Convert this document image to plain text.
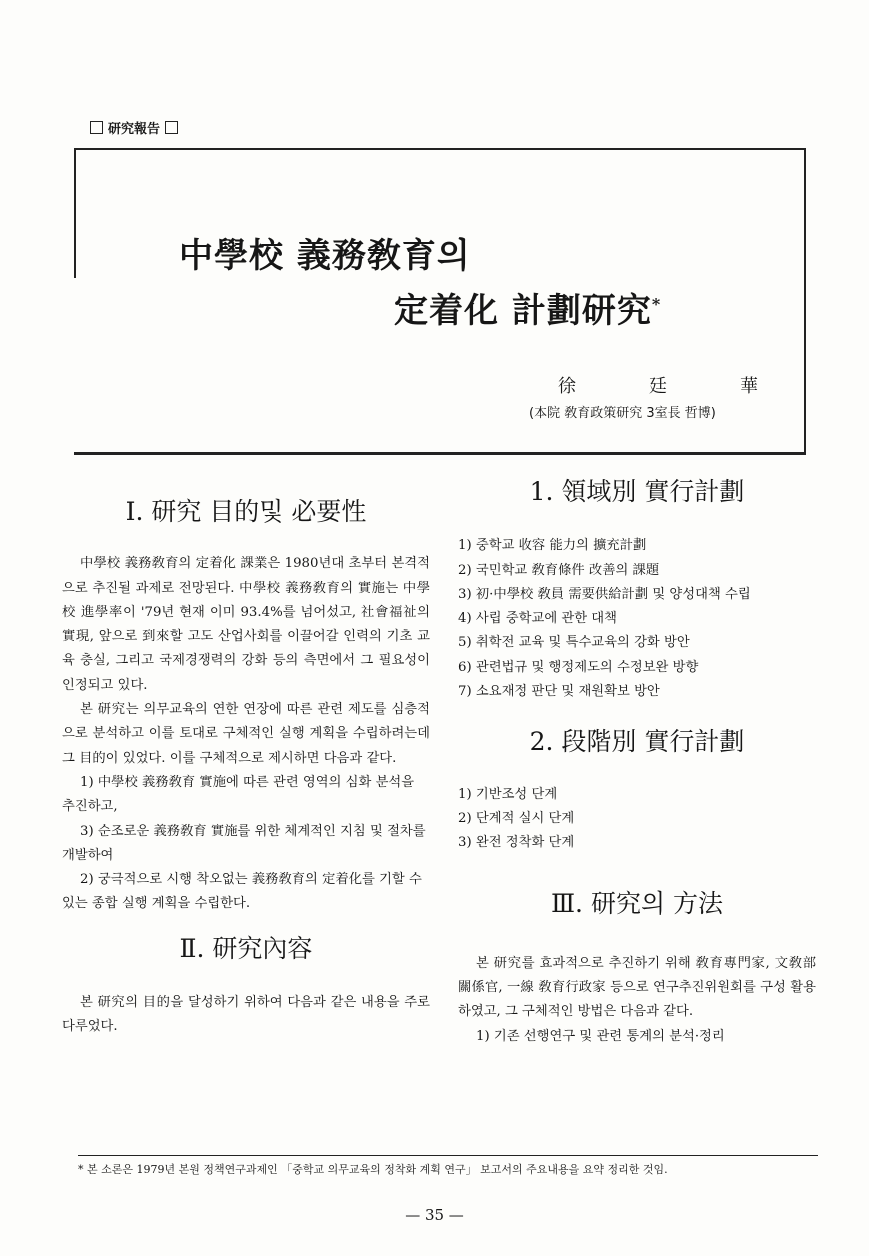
研究報告
中學校 義務敎育의
定着化 計劃研究*
徐	廷	華
(本院 敎育政策研究 3室長 哲博)
Ⅰ. 研究 目的및 必要性

中學校 義務敎育의 定着化 課業은 1980년대 초부터 본격적으로 추진될 과제로 전망된다. 中學校 義務敎育의 實施는 中學校 進學率이 '79년 현재 이미 93.4%를 넘어섰고, 社會福祉의 實現, 앞으로 到來할 고도 산업사회를 이끌어갈 인력의 기초 교육 충실, 그리고 국제경쟁력의 강화 등의 측면에서 그 필요성이 인정되고 있다.

본 研究는 의무교육의 연한 연장에 따른 관련 제도를 심층적으로 분석하고 이를 토대로 구체적인 실행 계획을 수립하려는데 그 目的이 있었다. 이를 구체적으로 제시하면 다음과 같다.

1) 中學校 義務敎育 實施에 따른 관련 영역의 심화 분석을 추진하고,
3) 순조로운 義務敎育 實施를 위한 체계적인 지침 및 절차를 개발하여
2) 궁극적으로 시행 착오없는 義務敎育의 定着化를 기할 수 있는 종합 실행 계획을 수립한다.
Ⅱ. 研究內容

본 研究의 目的을 달성하기 위하여 다음과 같은 내용을 주로 다루었다.

1. 領域別 實行計劃
1) 중학교 收容 能力의 擴充計劃
2) 국민학교 敎育條件 改善의 課題
3) 初·中學校 敎員 需要供給計劃 및 양성대책 수립
4) 사립 중학교에 관한 대책
5) 취학전 교육 및 특수교육의 강화 방안
6) 관련법규 및 행정제도의 수정보완 방향
7) 소요재정 판단 및 재원확보 방안
2. 段階別 實行計劃
1) 기반조성 단계
2) 단계적 실시 단계
3) 완전 정착화 단계
Ⅲ. 研究의 方法

본 研究를 효과적으로 추진하기 위해 敎育專門家, 文敎部 關係官, 一線 敎育行政家 등으로 연구추진위원회를 구성 활용하였고, 그 구체적인 방법은 다음과 같다.

1) 기존 선행연구 및 관련 통계의 분석·정리

* 본 소론은 1979년 본원 정책연구과제인 「중학교 의무교육의 정착화 계획 연구」 보고서의 주요내용을 요약 정리한 것임.

— 35 —
